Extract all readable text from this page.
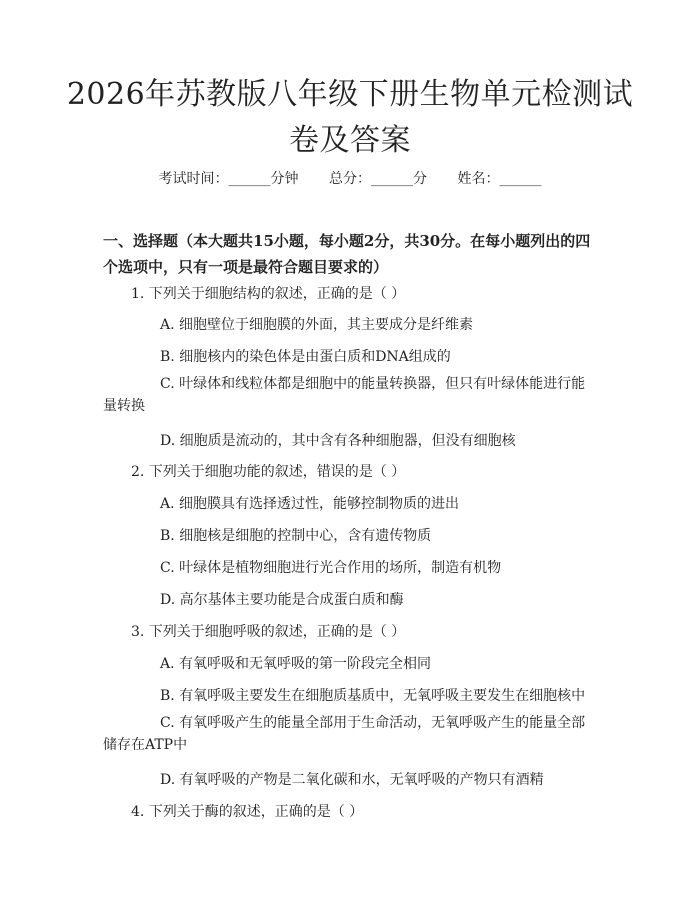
2026年苏教版八年级下册生物单元检测试卷及答案
考试时间：______分钟 总分：______分 姓名：______
一、选择题（本大题共15小题，每小题2分，共30分。在每小题列出的四个选项中，只有一项是最符合题目要求的）
1. 下列关于细胞结构的叙述，正确的是（ ）
A. 细胞壁位于细胞膜的外面，其主要成分是纤维素
B. 细胞核内的染色体是由蛋白质和DNA组成的
C. 叶绿体和线粒体都是细胞中的能量转换器，但只有叶绿体能进行能量转换
D. 细胞质是流动的，其中含有各种细胞器，但没有细胞核
2. 下列关于细胞功能的叙述，错误的是（ ）
A. 细胞膜具有选择透过性，能够控制物质的进出
B. 细胞核是细胞的控制中心，含有遗传物质
C. 叶绿体是植物细胞进行光合作用的场所，制造有机物
D. 高尔基体主要功能是合成蛋白质和酶
3. 下列关于细胞呼吸的叙述，正确的是（ ）
A. 有氧呼吸和无氧呼吸的第一阶段完全相同
B. 有氧呼吸主要发生在细胞质基质中，无氧呼吸主要发生在细胞核中
C. 有氧呼吸产生的能量全部用于生命活动，无氧呼吸产生的能量全部储存在ATP中
D. 有氧呼吸的产物是二氧化碳和水，无氧呼吸的产物只有酒精
4. 下列关于酶的叙述，正确的是（ ）
